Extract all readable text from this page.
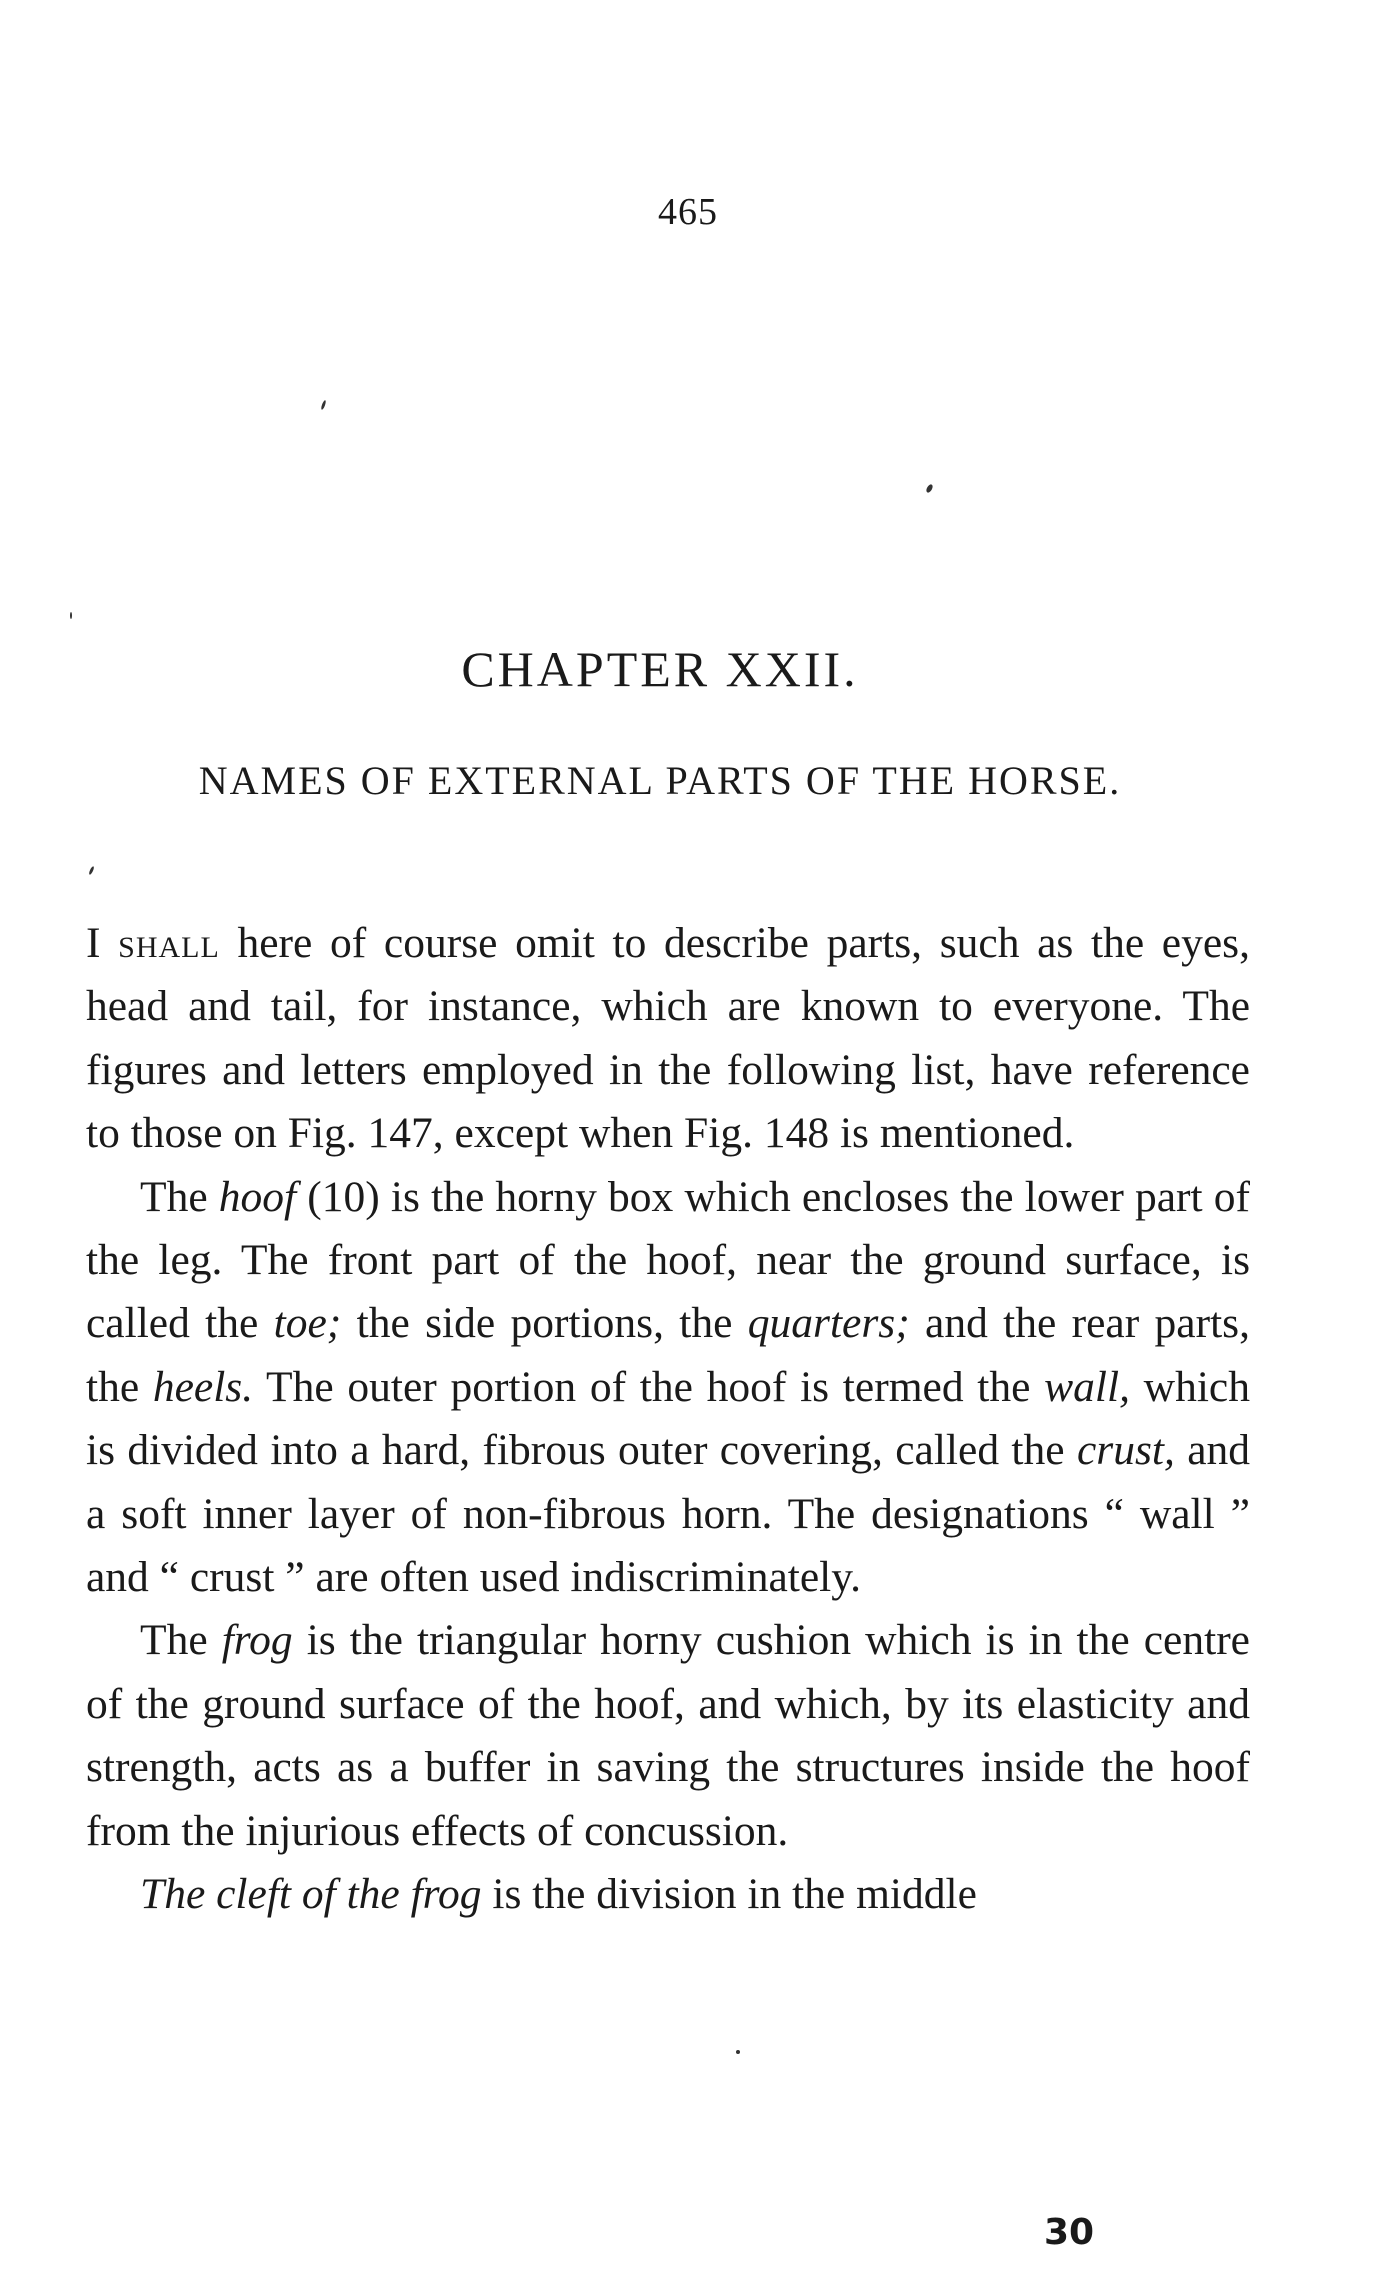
465
CHAPTER XXII.
NAMES OF EXTERNAL PARTS OF THE HORSE.

I shall here of course omit to describe parts, such as the eyes, head and tail, for instance, which are known to everyone. The figures and letters employed in the following list, have reference to those on Fig. 147, except when Fig. 148 is mentioned.

The hoof (10) is the horny box which encloses the lower part of the leg. The front part of the hoof, near the ground surface, is called the toe; the side portions, the quarters; and the rear parts, the heels. The outer portion of the hoof is termed the wall, which is divided into a hard, fibrous outer covering, called the crust, and a soft inner layer of non-fibrous horn. The designations “ wall ” and “ crust ” are often used indiscriminately.

The frog is the triangular horny cushion which is in the centre of the ground surface of the hoof, and which, by its elasticity and strength, acts as a buffer in saving the structures inside the hoof from the injurious effects of concussion.

The cleft of the frog is the division in the middle

30
